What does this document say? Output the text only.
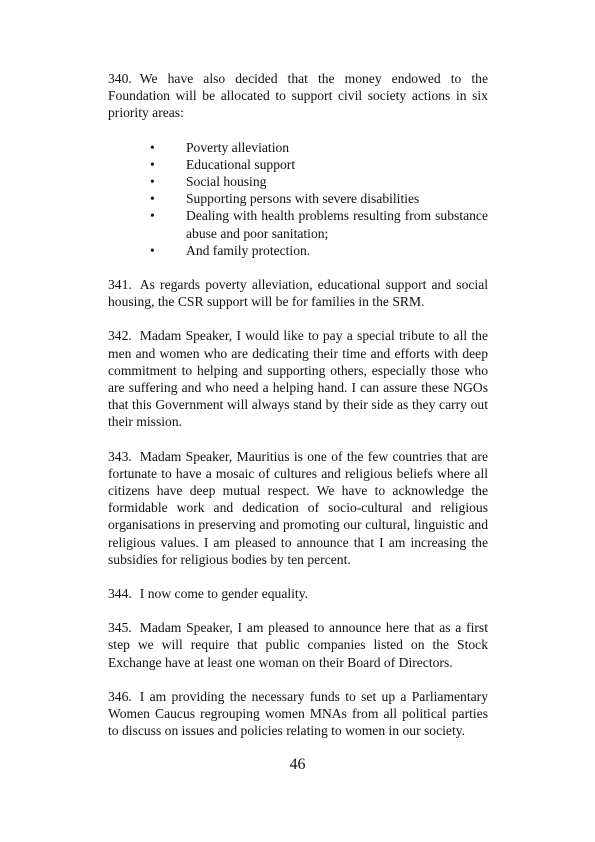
340. We have also decided that the money endowed to the Foundation will be allocated to support civil society actions in six priority areas:

• Poverty alleviation
• Educational support
• Social housing
• Supporting persons with severe disabilities
• Dealing with health problems resulting from substance abuse and poor sanitation;
• And family protection.

341. As regards poverty alleviation, educational support and social housing, the CSR support will be for families in the SRM.

342. Madam Speaker, I would like to pay a special tribute to all the men and women who are dedicating their time and efforts with deep commitment to helping and supporting others, especially those who are suffering and who need a helping hand. I can assure these NGOs that this Government will always stand by their side as they carry out their mission.

343. Madam Speaker, Mauritius is one of the few countries that are fortunate to have a mosaic of cultures and religious beliefs where all citizens have deep mutual respect. We have to acknowledge the formidable work and dedication of socio-cultural and religious organisations in preserving and promoting our cultural, linguistic and religious values. I am pleased to announce that I am increasing the subsidies for religious bodies by ten percent.

344. I now come to gender equality.

345. Madam Speaker, I am pleased to announce here that as a first step we will require that public companies listed on the Stock Exchange have at least one woman on their Board of Directors.

346. I am providing the necessary funds to set up a Parliamentary Women Caucus regrouping women MNAs from all political parties to discuss on issues and policies relating to women in our society.

46
